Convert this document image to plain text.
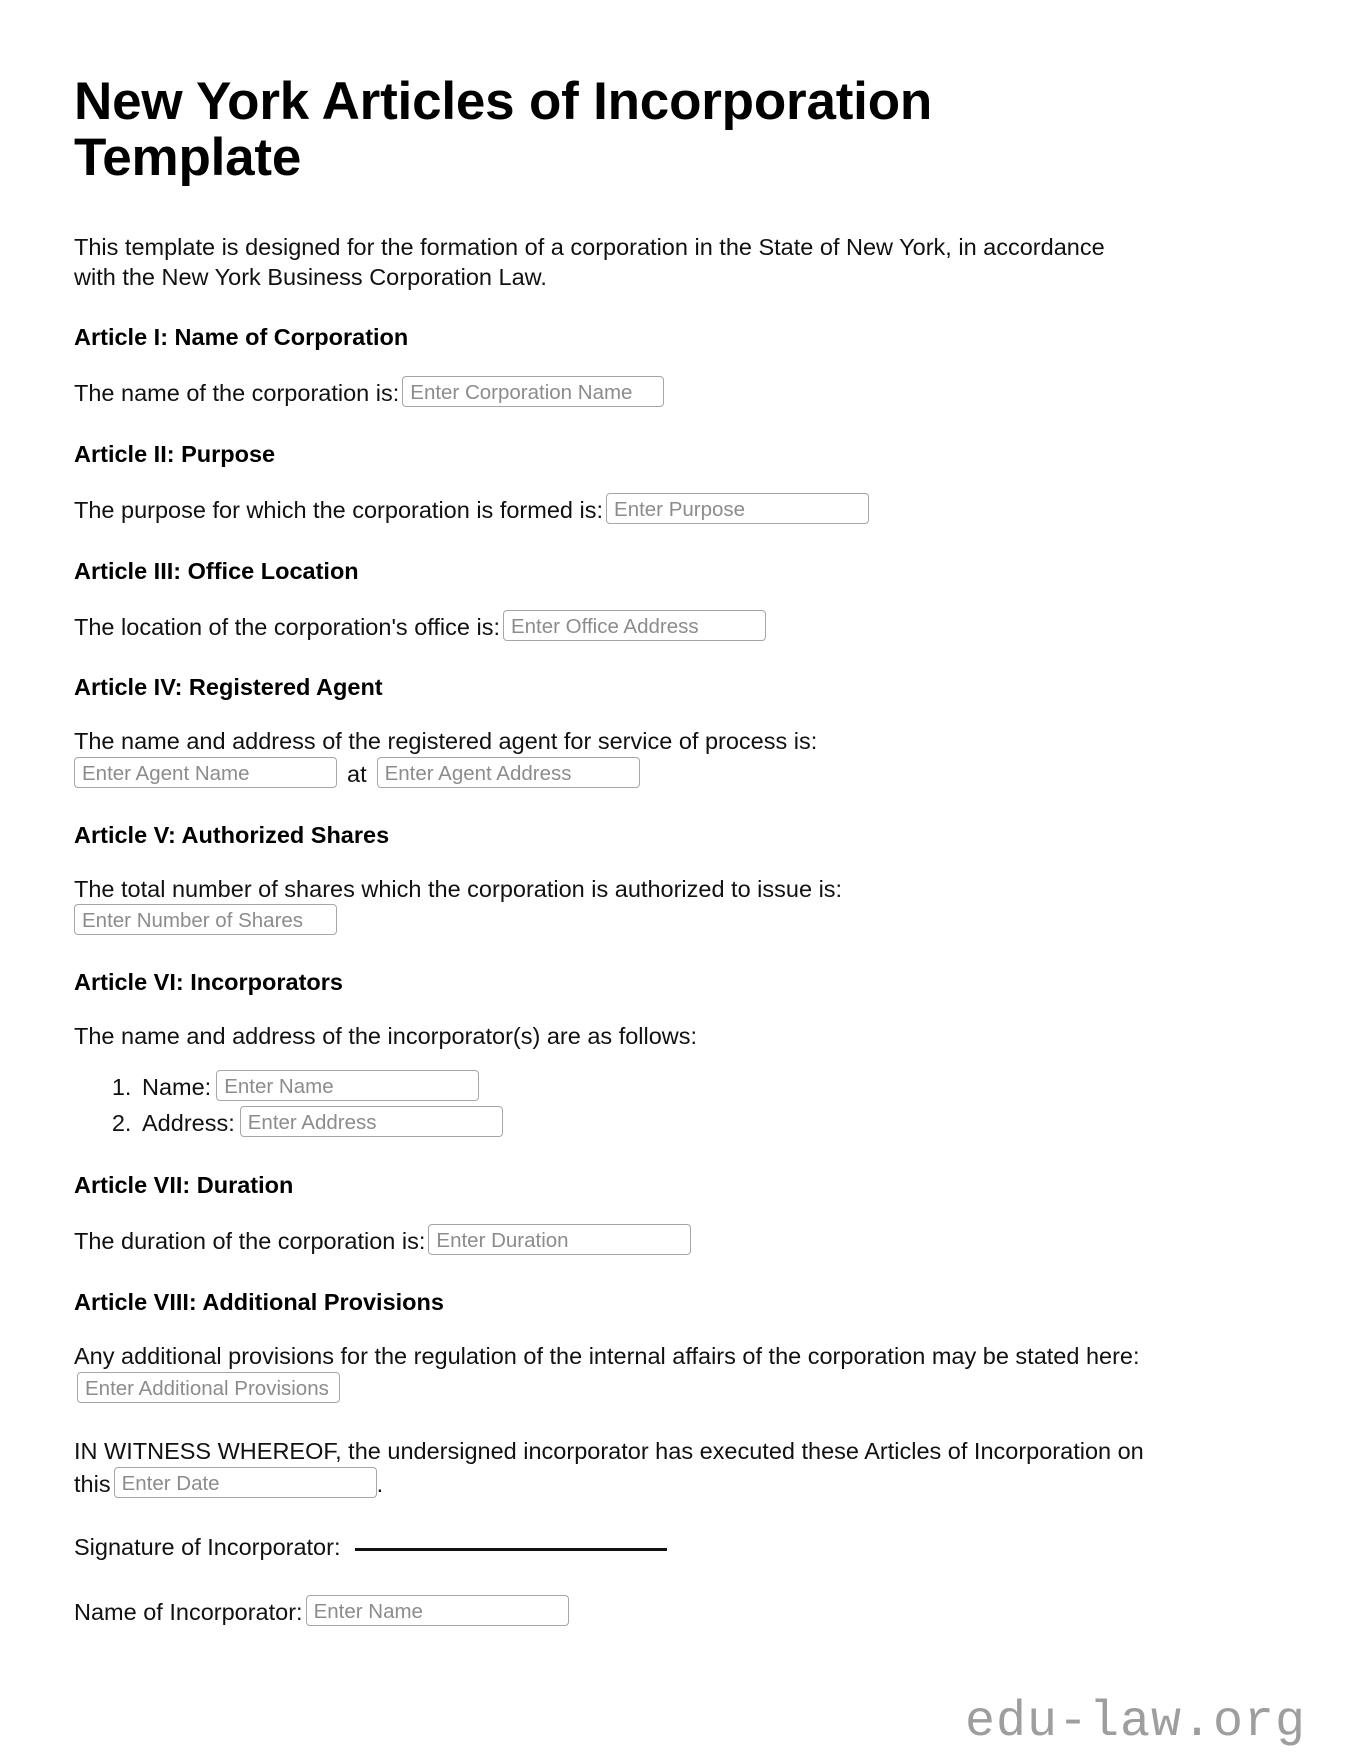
New York Articles of Incorporation Template

This template is designed for the formation of a corporation in the State of New York, in accordance with the New York Business Corporation Law.

Article I: Name of Corporation

The name of the corporation is: Enter Corporation Name

Article II: Purpose

The purpose for which the corporation is formed is: Enter Purpose

Article III: Office Location

The location of the corporation's office is: Enter Office Address

Article IV: Registered Agent

The name and address of the registered agent for service of process is:

Enter Agent Name	at Enter Agent Address

Article V: Authorized Shares

The total number of shares which the corporation is authorized to issue is:

Enter Number of Shares

Article VI: Incorporators

The name and address of the incorporator(s) are as follows:

1. Name: Enter Name
2. Address: Enter Address
Article VII: Duration

The duration of the corporation is: Enter Duration

Article VIII: Additional Provisions

Any additional provisions for the regulation of the internal affairs of the corporation may be stated here:
Enter Additional Provisions

IN WITNESS WHEREOF, the undersigned incorporator has executed these Articles of Incorporation on this Enter Date	.

Signature of Incorporator:

Name of Incorporator: Enter Name

edu-law.org
